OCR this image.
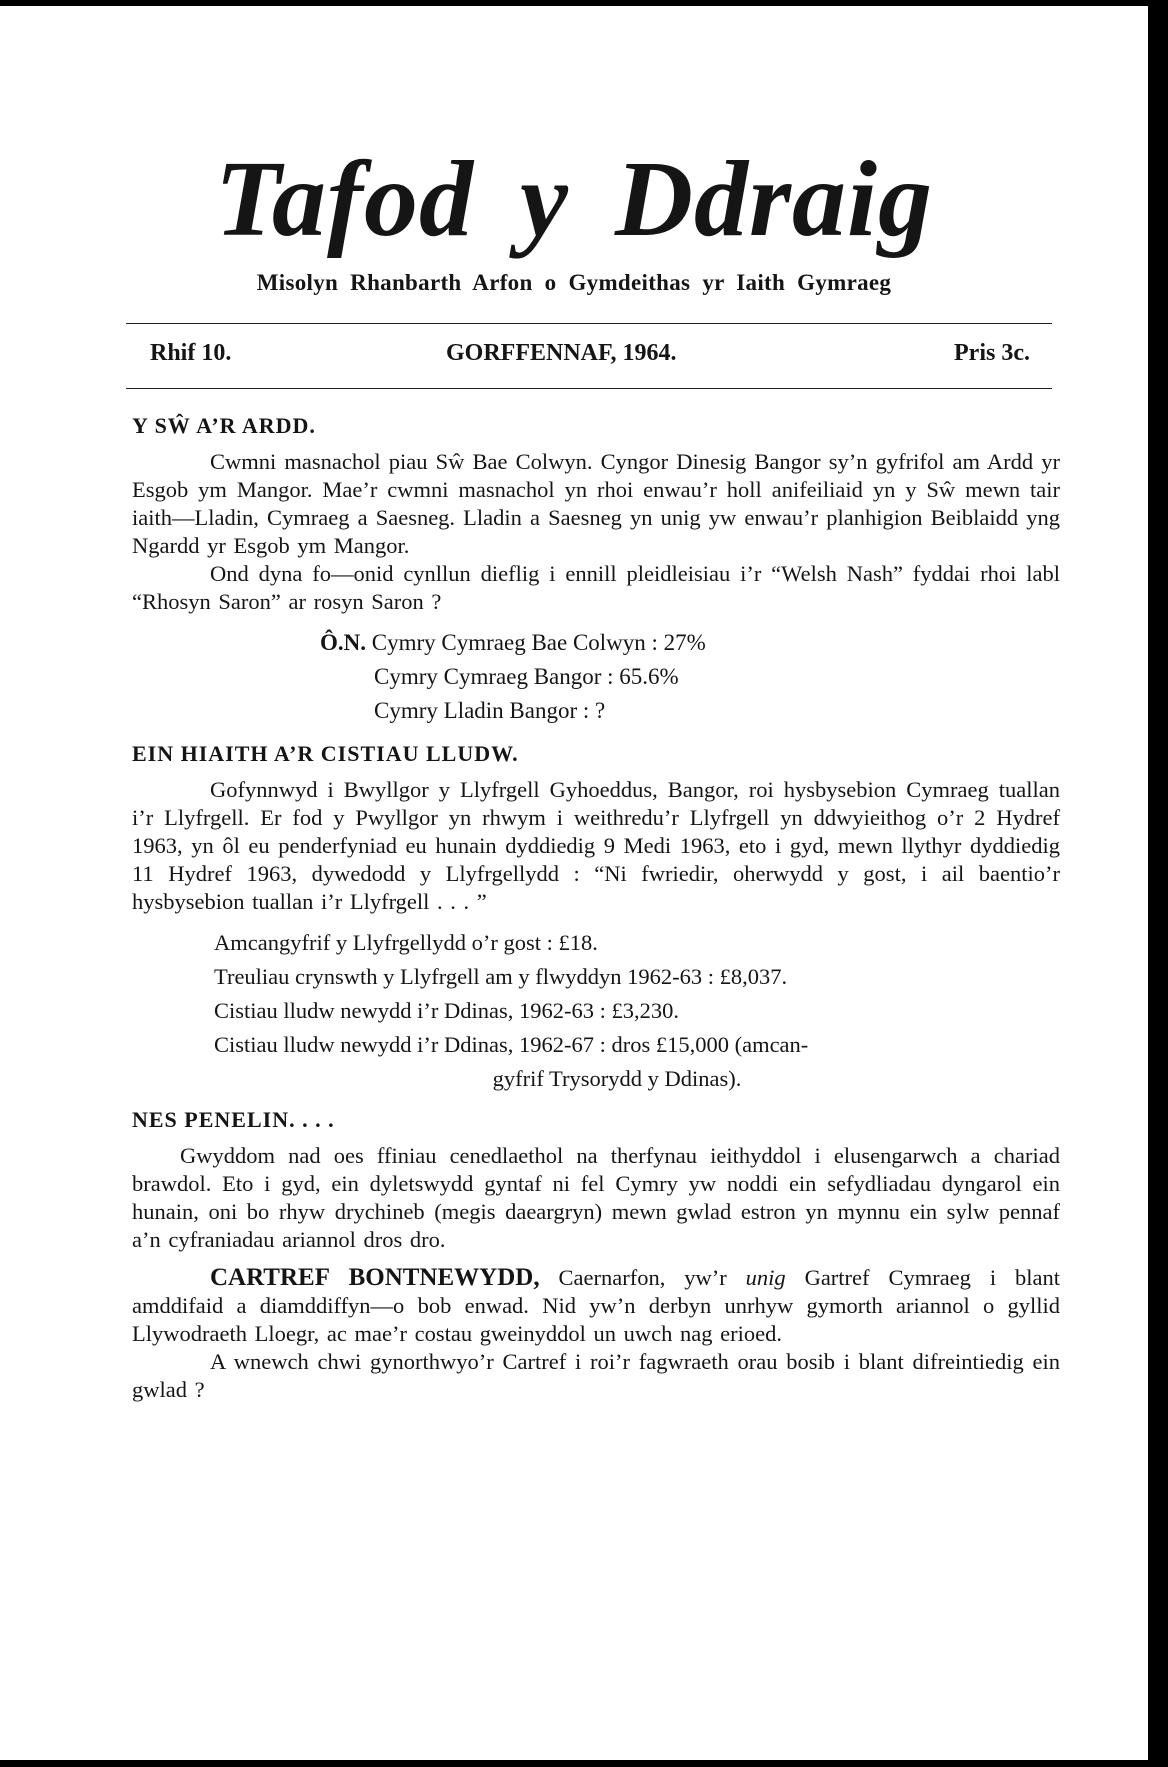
Tafod y Ddraig
Misolyn Rhanbarth Arfon o Gymdeithas yr Iaith Gymraeg
Rhif 10.	GORFFENNAF, 1964.	Pris 3c.
Y SŴ A’R ARDD.

Cwmni masnachol piau Sŵ Bae Colwyn. Cyngor Dinesig Bangor sy’n gyfrifol am Ardd yr Esgob ym Mangor. Mae’r cwmni masnachol yn rhoi enwau’r holl anifeiliaid yn y Sŵ mewn tair iaith—Lladin, Cymraeg a Saesneg. Lladin a Saesneg yn unig yw enwau’r planhigion Beiblaidd yng Ngardd yr Esgob ym Mangor.

Ond dyna fo—onid cynllun dieflig i ennill pleidleisiau i’r “Welsh Nash” fyddai rhoi labl “Rhosyn Saron” ar rosyn Saron ?

Ô.N. Cymry Cymraeg Bae Colwyn : 27%
Cymry Cymraeg Bangor : 65.6%
Cymry Lladin Bangor : ?
EIN HIAITH A’R CISTIAU LLUDW.

Gofynnwyd i Bwyllgor y Llyfrgell Gyhoeddus, Bangor, roi hysbysebion Cymraeg tuallan i’r Llyfrgell. Er fod y Pwyllgor yn rhwym i weithredu’r Llyfrgell yn ddwyieithog o’r 2 Hydref 1963, yn ôl eu penderfyniad eu hunain dyddiedig 9 Medi 1963, eto i gyd, mewn llythyr dyddiedig 11 Hydref 1963, dywedodd y Llyfrgellydd : “Ni fwriedir, oherwydd y gost, i ail baentio’r hysbysebion tuallan i’r Llyfrgell . . . ”

Amcangyfrif y Llyfrgellydd o’r gost : £18.
Treuliau crynswth y Llyfrgell am y flwyddyn 1962-63 : £8,037.
Cistiau lludw newydd i’r Ddinas, 1962-63 : £3,230.
Cistiau lludw newydd i’r Ddinas, 1962-67 : dros £15,000 (amcan-
gyfrif Trysorydd y Ddinas).
NES PENELIN. . . .

Gwyddom nad oes ffiniau cenedlaethol na therfynau ieithyddol i elusengarwch a chariad brawdol. Eto i gyd, ein dyletswydd gyntaf ni fel Cymry yw noddi ein sefydliadau dyngarol ein hunain, oni bo rhyw drychineb (megis daeargryn) mewn gwlad estron yn mynnu ein sylw pennaf a’n cyfraniadau ariannol dros dro.

CARTREF BONTNEWYDD, Caernarfon, yw’r unig Gartref Cymraeg i blant amddifaid a diamddiffyn—o bob enwad. Nid yw’n derbyn unrhyw gymorth ariannol o gyllid Llywodraeth Lloegr, ac mae’r costau gweinyddol un uwch nag erioed.

A wnewch chwi gynorthwyo’r Cartref i roi’r fagwraeth orau bosib i blant difreintiedig ein gwlad ?
